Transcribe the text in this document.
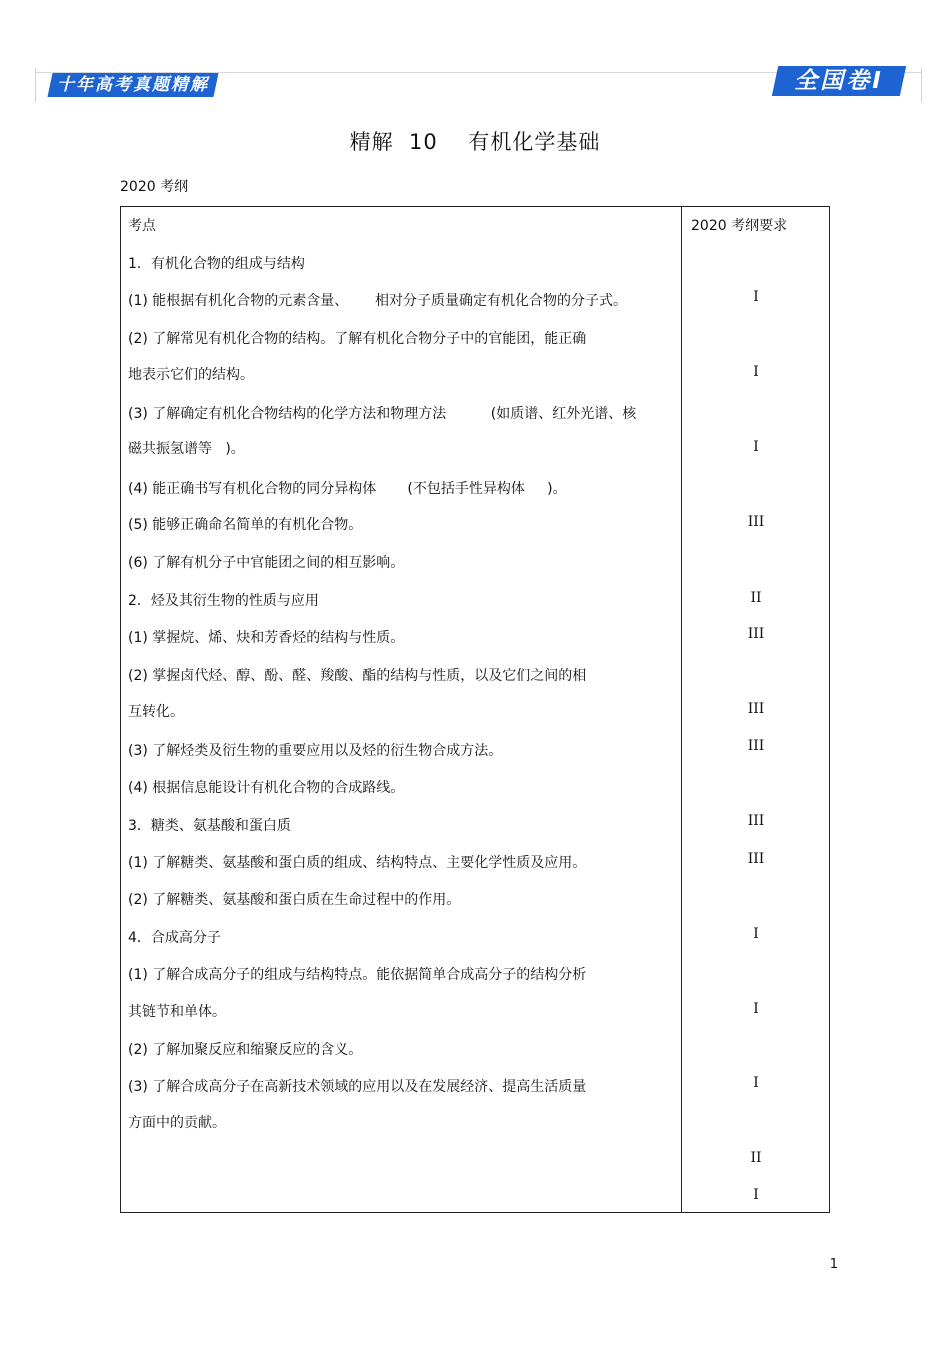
十年高考真题精解	全国卷Ⅰ
精解  10    有机化学基础
2020 考纲
考点
1．有机化合物的组成与结构
(1) 能根据有机化合物的元素含量、      相对分子质量确定有机化合物的分子式。
(2) 了解常见有机化合物的结构。了解有机化合物分子中的官能团，能正确
地表示它们的结构。
(3) 了解确定有机化合物结构的化学方法和物理方法          (如质谱、红外光谱、核
磁共振氢谱等   )。
(4) 能正确书写有机化合物的同分异构体       (不包括手性异构体     )。
(5) 能够正确命名简单的有机化合物。
(6) 了解有机分子中官能团之间的相互影响。
2．烃及其衍生物的性质与应用
(1) 掌握烷、烯、炔和芳香烃的结构与性质。
(2) 掌握卤代烃、醇、酚、醛、羧酸、酯的结构与性质，以及它们之间的相
互转化。
(3) 了解烃类及衍生物的重要应用以及烃的衍生物合成方法。
(4) 根据信息能设计有机化合物的合成路线。
3．糖类、氨基酸和蛋白质
(1) 了解糖类、氨基酸和蛋白质的组成、结构特点、主要化学性质及应用。
(2) 了解糖类、氨基酸和蛋白质在生命过程中的作用。
4．合成高分子
(1) 了解合成高分子的组成与结构特点。能依据简单合成高分子的结构分析
其链节和单体。
(2) 了解加聚反应和缩聚反应的含义。
(3) 了解合成高分子在高新技术领域的应用以及在发展经济、提高生活质量
方面中的贡献。
2020 考纲要求
I
I
I
III
II
III
III
III
III
III
I
I
I
II
I
1
